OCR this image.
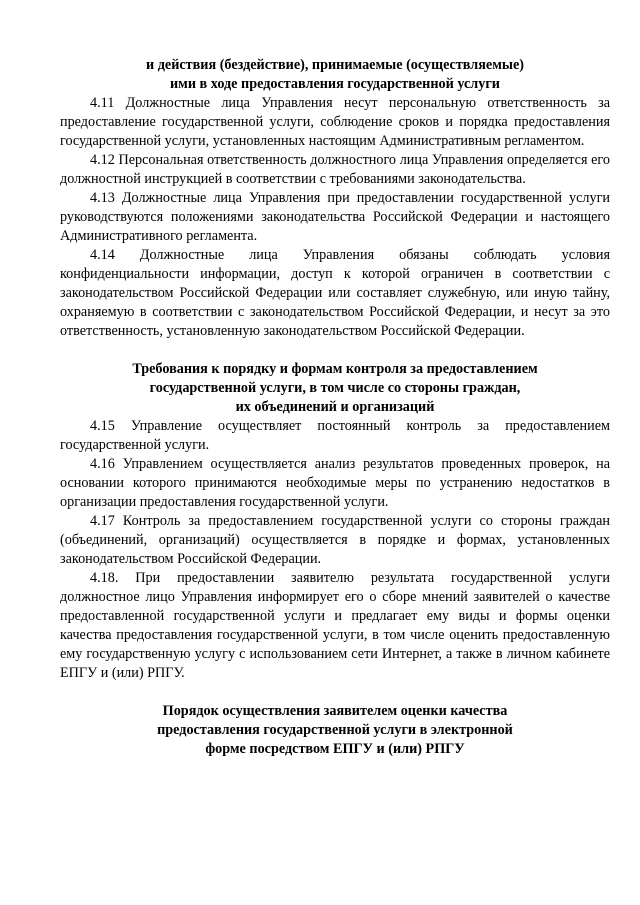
и действия (бездействие), принимаемые (осуществляемые)
ими в ходе предоставления государственной услуги

4.11 Должностные лица Управления несут персональную ответственность за предоставление государственной услуги, соблюдение сроков и порядка предоставления государственной услуги, установленных настоящим Административным регламентом.

4.12 Персональная ответственность должностного лица Управления определяется его должностной инструкцией в соответствии с требованиями законодательства.

4.13 Должностные лица Управления при предоставлении государственной услуги руководствуются положениями законодательства Российской Федерации и настоящего Административного регламента.

4.14 Должностные лица Управления обязаны соблюдать условия конфиденциальности информации, доступ к которой ограничен в соответствии с законодательством Российской Федерации или составляет служебную, или иную тайну, охраняемую в соответствии с законодательством Российской Федерации, и несут за это ответственность, установленную законодательством Российской Федерации.

Требования к порядку и формам контроля за предоставлением
государственной услуги, в том числе со стороны граждан,
их объединений и организаций

4.15 Управление осуществляет постоянный контроль за предоставлением государственной услуги.

4.16 Управлением осуществляется анализ результатов проведенных проверок, на основании которого принимаются необходимые меры по устранению недостатков в организации предоставления государственной услуги.

4.17 Контроль за предоставлением государственной услуги со стороны граждан (объединений, организаций) осуществляется в порядке и формах, установленных законодательством Российской Федерации.

4.18. При предоставлении заявителю результата государственной услуги должностное лицо Управления информирует его о сборе мнений заявителей о качестве предоставленной государственной услуги и предлагает ему виды и формы оценки качества предоставления государственной услуги, в том числе оценить предоставленную ему государственную услугу с использованием сети Интернет, а также в личном кабинете ЕПГУ и (или) РПГУ.

Порядок осуществления заявителем оценки качества
предоставления государственной услуги в электронной
форме посредством ЕПГУ и (или) РПГУ
